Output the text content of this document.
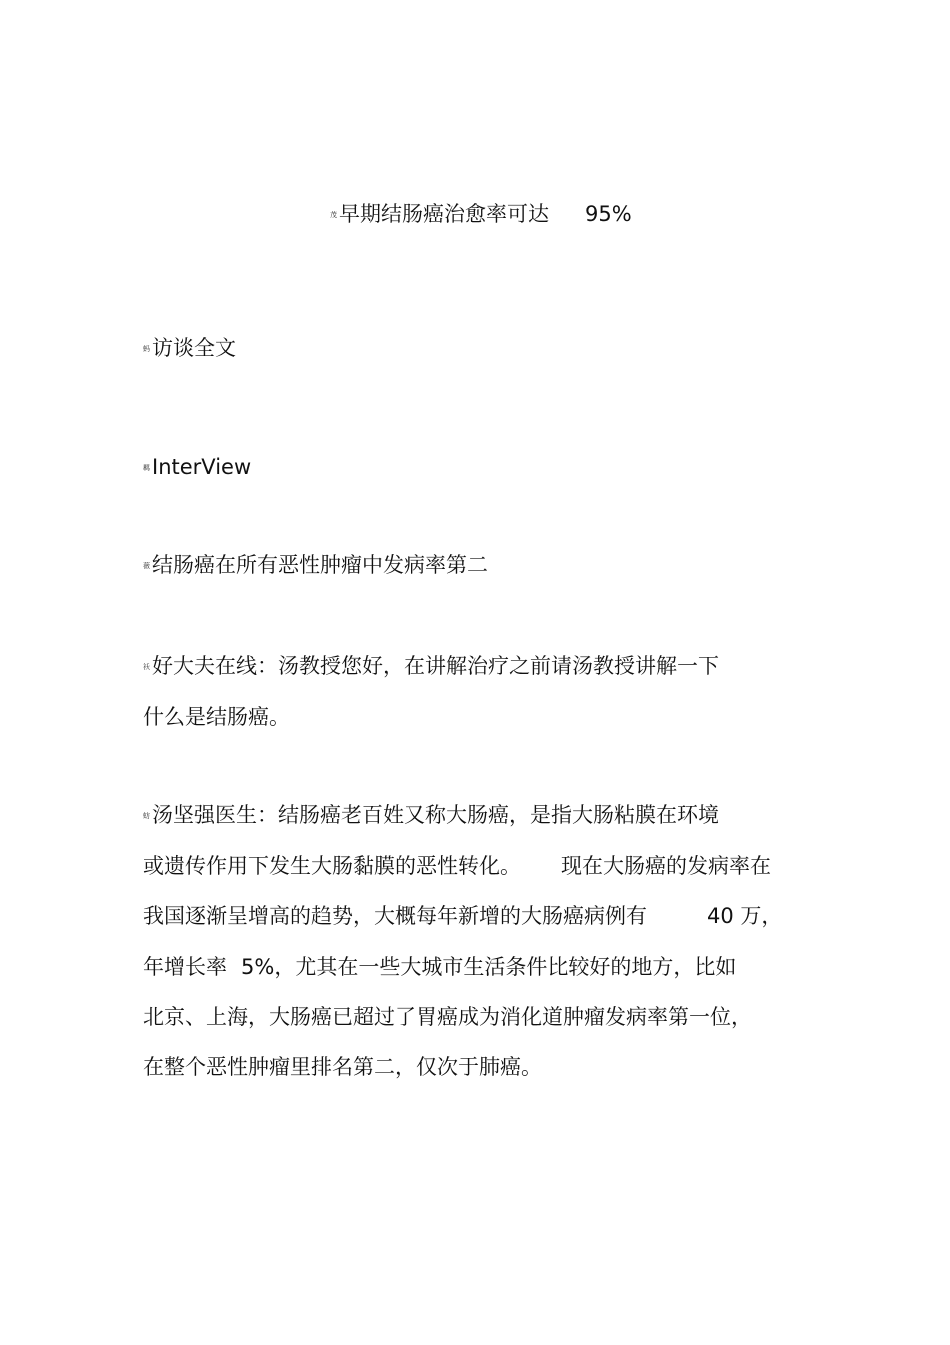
茂早期结肠癌治愈率可达 95%
蚂访谈全文
羁InterView
薇结肠癌在所有恶性肿瘤中发病率第二
袄好大夫在线：汤教授您好，在讲解治疗之前请汤教授讲解一下
什么是结肠癌。
蚄汤坚强医生：结肠癌老百姓又称大肠癌，是指大肠粘膜在环境
或遗传作用下发生大肠黏膜的恶性转化。 现在大肠癌的发病率在
我国逐渐呈增高的趋势，大概每年新增的大肠癌病例有	40 万，
年增长率 5%，尤其在一些大城市生活条件比较好的地方，比如
北京、上海，大肠癌已超过了胃癌成为消化道肿瘤发病率第一位，
在整个恶性肿瘤里排名第二，仅次于肺癌。
